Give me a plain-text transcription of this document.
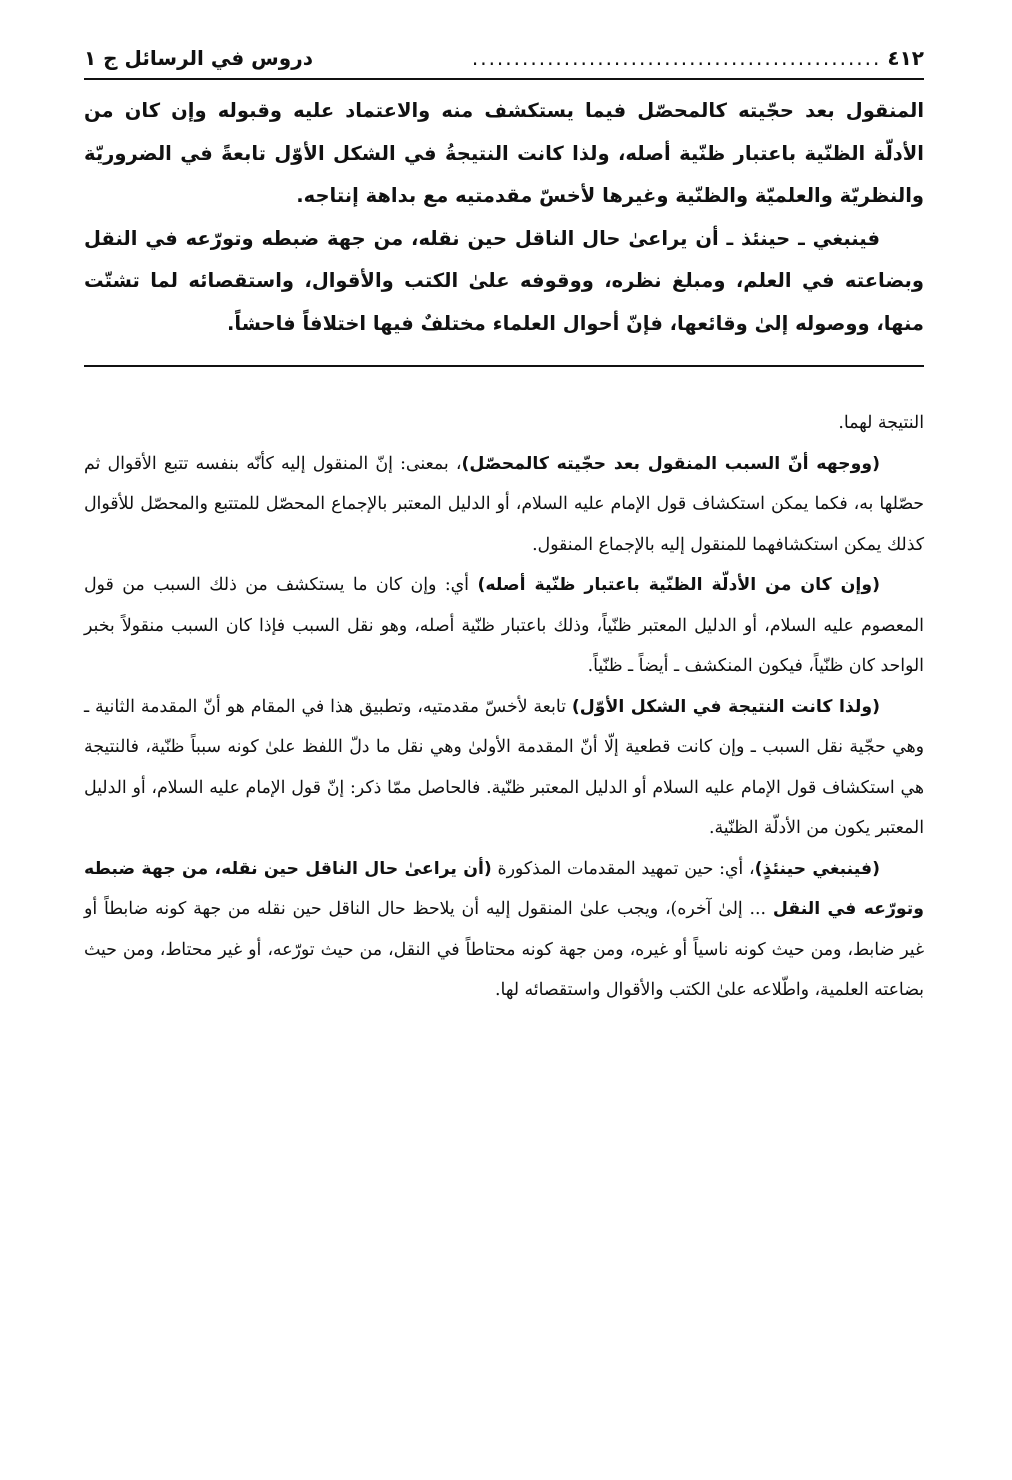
٤١٢
.................................................
دروس في الرسائل ج ١

المنقول بعد حجّيته كالمحصّل فيما يستكشف منه والاعتماد عليه وقبوله وإن كان من الأدلّة الظنّية باعتبار ظنّية أصله، ولذا كانت النتيجةُ في الشكل الأوّل تابعةً في الضروريّة والنظريّة والعلميّة والظنّية وغيرها لأخسّ مقدمتيه مع بداهة إنتاجه.

فينبغي ـ حينئذ ـ أن يراعىٰ حال الناقل حين نقله، من جهة ضبطه وتورّعه في النقل وبضاعته في العلم، ومبلغ نظره، ووقوفه علىٰ الكتب والأقوال، واستقصائه لما تشتّت منها، ووصوله إلىٰ وقائعها، فإنّ أحوال العلماء مختلفٌ فيها اختلافاً فاحشاً.

النتيجة لهما.

(ووجهه أنّ السبب المنقول بعد حجّيته كالمحصّل)، بمعنى: إنّ المنقول إليه كأنّه بنفسه تتبع الأقوال ثم حصّلها به، فكما يمكن استكشاف قول الإمام عليه السلام، أو الدليل المعتبر بالإجماع المحصّل للمتتبع والمحصّل للأقوال كذلك يمكن استكشافهما للمنقول إليه بالإجماع المنقول.

(وإن كان من الأدلّة الظنّية باعتبار ظنّية أصله) أي: وإن كان ما يستكشف من ذلك السبب من قول المعصوم عليه السلام، أو الدليل المعتبر ظنّياً، وذلك باعتبار ظنّية أصله، وهو نقل السبب فإذا كان السبب منقولاً بخبر الواحد كان ظنّياً، فيكون المنكشف ـ أيضاً ـ ظنّياً.

(ولذا كانت النتيجة في الشكل الأوّل) تابعة لأخسّ مقدمتيه، وتطبيق هذا في المقام هو أنّ المقدمة الثانية ـ وهي حجّية نقل السبب ـ وإن كانت قطعية إلّا أنّ المقدمة الأولىٰ وهي نقل ما دلّ اللفظ علىٰ كونه سبباً ظنّية، فالنتيجة هي استكشاف قول الإمام عليه السلام أو الدليل المعتبر ظنّية. فالحاصل ممّا ذكر: إنّ قول الإمام عليه السلام، أو الدليل المعتبر يكون من الأدلّة الظنّية.

(فينبغي حينئذٍ)، أي: حين تمهيد المقدمات المذكورة (أن يراعىٰ حال الناقل حين نقله، من جهة ضبطه وتورّعه في النقل ... إلىٰ آخره)، ويجب علىٰ المنقول إليه أن يلاحظ حال الناقل حين نقله من جهة كونه ضابطاً أو غير ضابط، ومن حيث كونه ناسياً أو غيره، ومن جهة كونه محتاطاً في النقل، من حيث تورّعه، أو غير محتاط، ومن حيث بضاعته العلمية، واطّلاعه علىٰ الكتب والأقوال واستقصائه لها.
